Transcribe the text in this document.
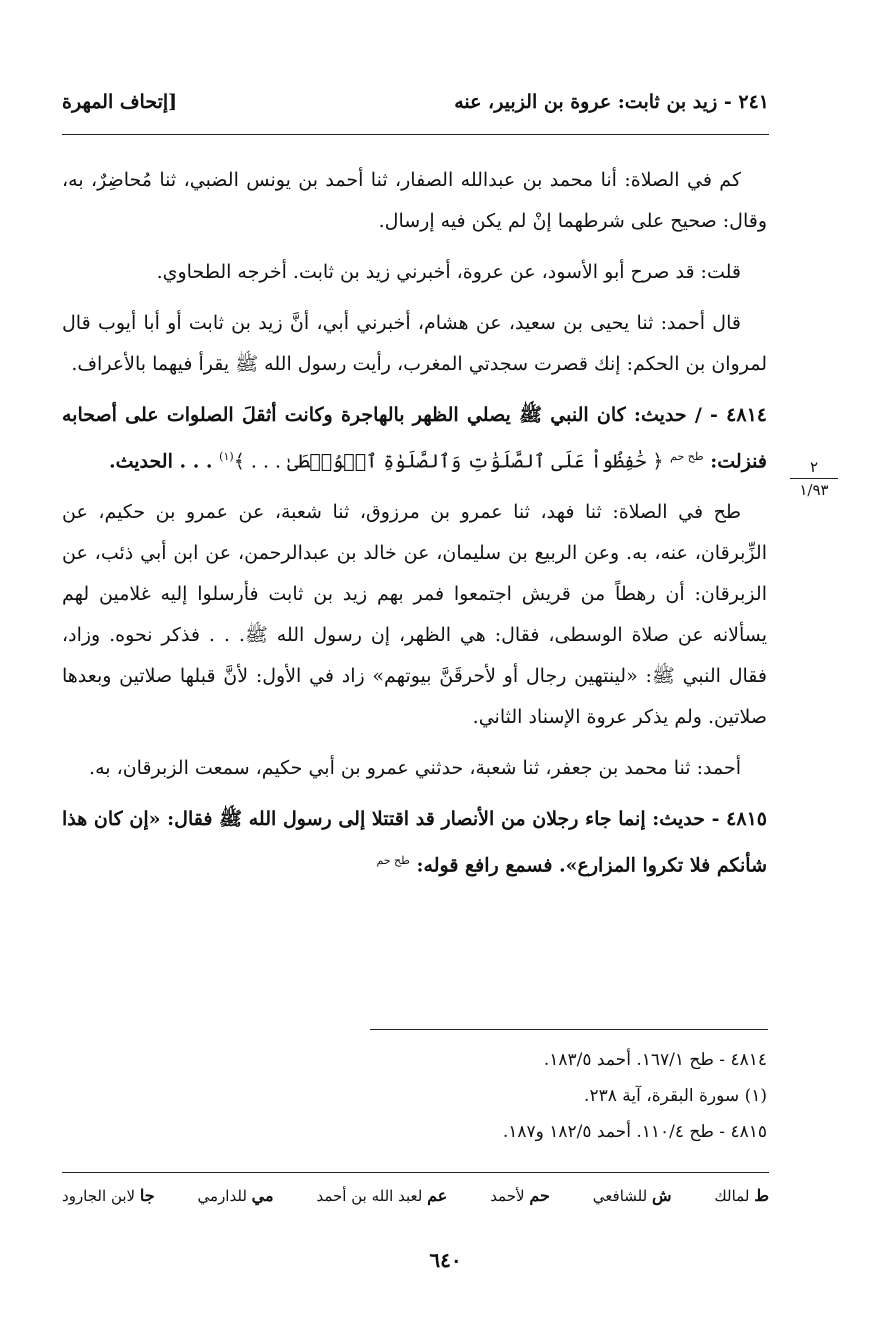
٢٤١ - زيد بن ثابت: عروة بن الزبير، عنه
[إتحاف المهرة

كم في الصلاة: أنا محمد بن عبدالله الصفار، ثنا أحمد بن يونس الضبي، ثنا مُحاضِرٌ، به، وقال: صحيح على شرطهما إنْ لم يكن فيه إرسال.

قلت: قد صرح أبو الأسود، عن عروة، أخبرني زيد بن ثابت. أخرجه الطحاوي.

قال أحمد: ثنا يحيى بن سعيد، عن هشام، أخبرني أبي، أنَّ زيد بن ثابت أو أبا أيوب قال لمروان بن الحكم: إنك قصرت سجدتي المغرب، رأيت رسول الله ﷺ يقرأ فيهما بالأعراف.

٤٨١٤ - / حديث: كان النبي ﷺ يصلي الظهر بالهاجرة وكانت أثقلَ الصلوات على أصحابه فنزلت: $^{طح حم}$ ﴿ حَٰفِظُواْ عَلَى ٱلصَّلَوَٰتِ وَٱلصَّلَوٰةِ ٱلۡوُسۡطَىٰ . . . ﴾$^{(١)}$ . . . الحديث.

طح في الصلاة: ثنا فهد، ثنا عمرو بن مرزوق، ثنا شعبة، عن عمرو بن حكيم، عن الزِّبرقان، عنه، به. وعن الربيع بن سليمان، عن خالد بن عبدالرحمن، عن ابن أبي ذئب، عن الزبرقان: أن رهطاً من قريش اجتمعوا فمر بهم زيد بن ثابت فأرسلوا إليه غلامين لهم يسألانه عن صلاة الوسطى، فقال: هي الظهر، إن رسول الله ﷺ. . . فذكر نحوه. وزاد، فقال النبي ﷺ: «لينتهين رجال أو لأحرقَنَّ بيوتهم» زاد في الأول: لأنَّ قبلها صلاتين وبعدها صلاتين. ولم يذكر عروة الإسناد الثاني.

أحمد: ثنا محمد بن جعفر، ثنا شعبة، حدثني عمرو بن أبي حكيم، سمعت الزبرقان، به.

٤٨١٥ - حديث: إنما جاء رجلان من الأنصار قد اقتتلا إلى رسول الله ﷺ فقال: «إن كان هذا شأنكم فلا تكروا المزارع». فسمع رافع قوله: $^{طح حم}$

٢
١/٩٣
٤٨١٤ - طح ١٦٧/١. أحمد ١٨٣/٥.
(١) سورة البقرة، آية ٢٣٨.
٤٨١٥ - طح ١١٠/٤. أحمد ١٨٢/٥ و١٨٧.
ط لمالك
ش للشافعي
حم لأحمد
عم لعبد الله بن أحمد
مي للدارمي
جا لابن الجارود
٦٤٠
